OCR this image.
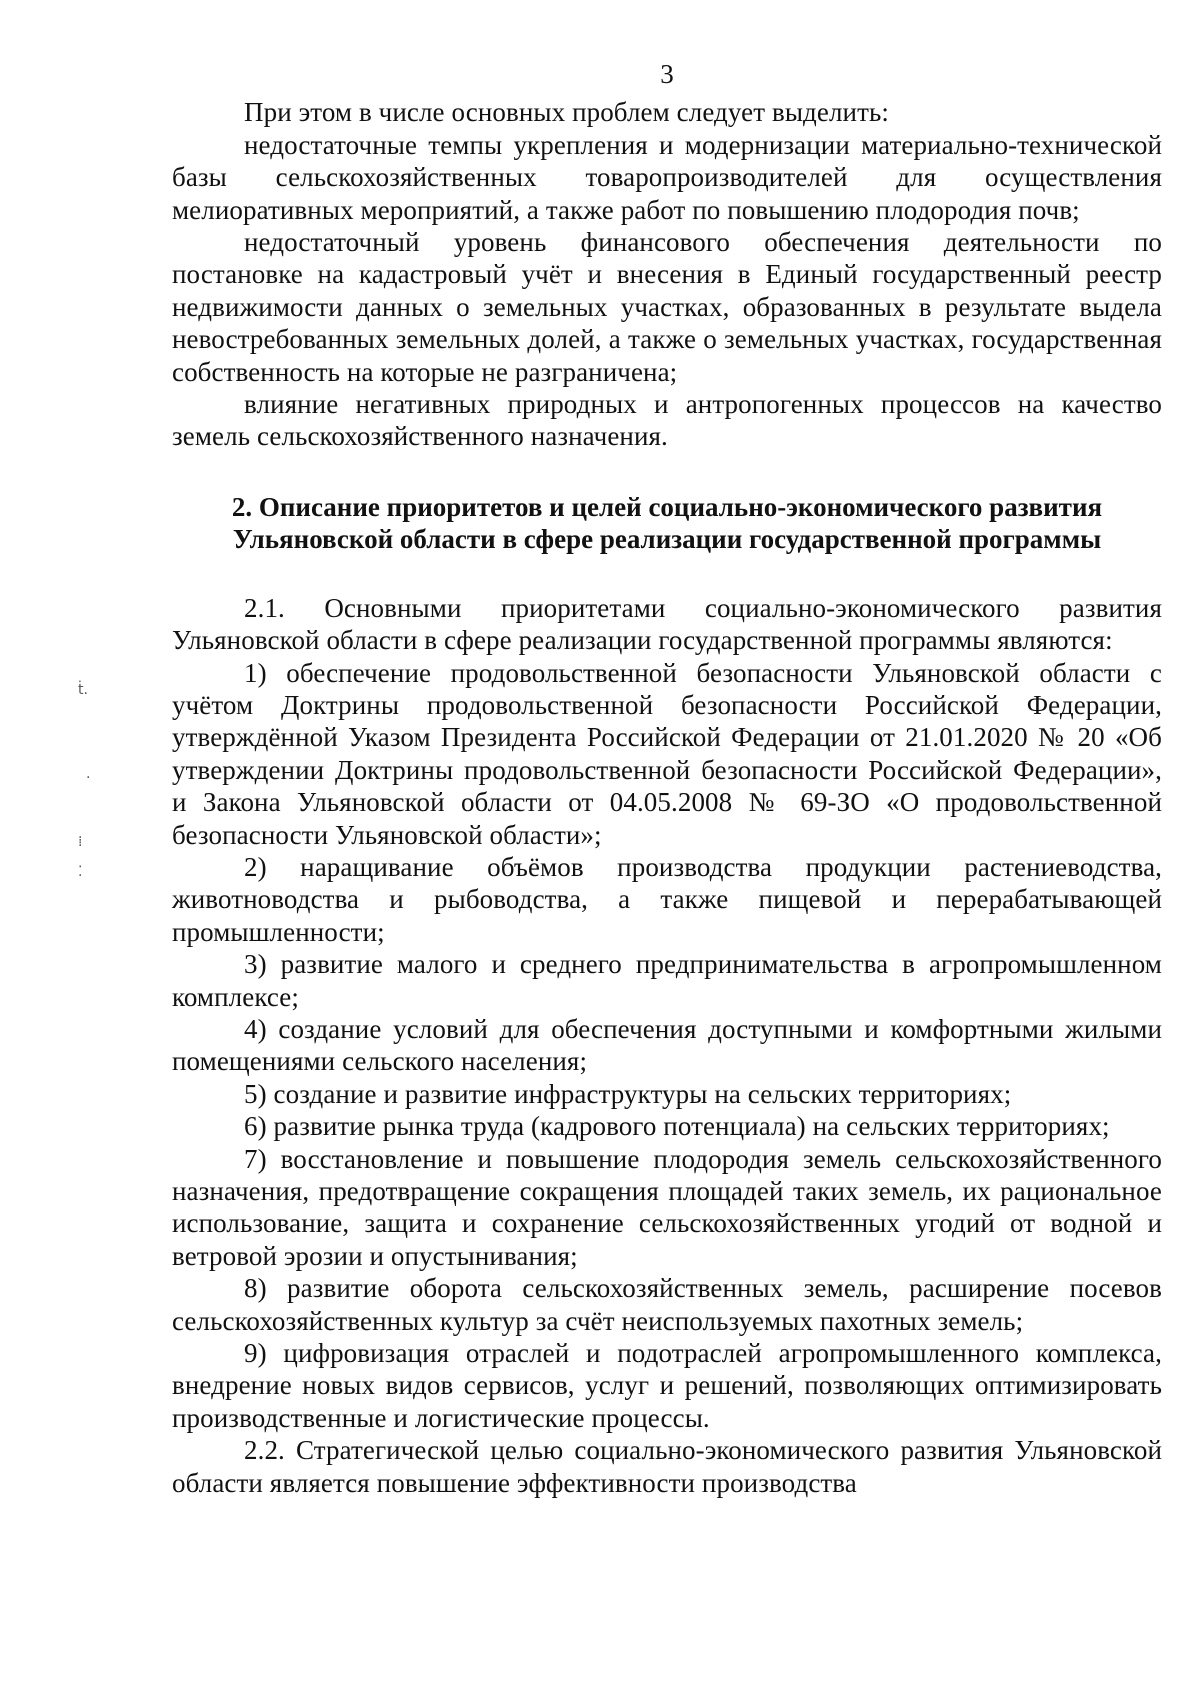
3

При этом в числе основных проблем следует выделить:

недостаточные темпы укрепления и модернизации материально-технической базы сельскохозяйственных товаропроизводителей для осуществления мелиоративных мероприятий, а также работ по повышению плодородия почв;

недостаточный уровень финансового обеспечения деятельности по постановке на кадастровый учёт и внесения в Единый государственный реестр недвижимости данных о земельных участках, образованных в результате выдела невостребованных земельных долей, а также о земельных участках, государственная собственность на которые не разграничена;

влияние негативных природных и антропогенных процессов на качество земель сельскохозяйственного назначения.

2. Описание приоритетов и целей социально-экономического развития Ульяновской области в сфере реализации государственной программы

2.1. Основными приоритетами социально-экономического развития Ульяновской области в сфере реализации государственной программы являются:

1) обеспечение продовольственной безопасности Ульяновской области с учётом Доктрины продовольственной безопасности Российской Федерации, утверждённой Указом Президента Российской Федерации от 21.01.2020 № 20 «Об утверждении Доктрины продовольственной безопасности Российской Федерации», и Закона Ульяновской области от 04.05.2008 № 69-ЗО «О продовольственной безопасности Ульяновской области»;

2) наращивание объёмов производства продукции растениеводства, животноводства и рыбоводства, а также пищевой и перерабатывающей промышленности;

3) развитие малого и среднего предпринимательства в агропромышленном комплексе;

4) создание условий для обеспечения доступными и комфортными жилыми помещениями сельского населения;

5) создание и развитие инфраструктуры на сельских территориях;

6) развитие рынка труда (кадрового потенциала) на сельских территориях;

7) восстановление и повышение плодородия земель сельскохозяйственного назначения, предотвращение сокращения площадей таких земель, их рациональное использование, защита и сохранение сельскохозяйственных угодий от водной и ветровой эрозии и опустынивания;

8) развитие оборота сельскохозяйственных земель, расширение посевов сельскохозяйственных культур за счёт неиспользуемых пахотных земель;

9) цифровизация отраслей и подотраслей агропромышленного комплекса, внедрение новых видов сервисов, услуг и решений, позволяющих оптимизировать производственные и логистические процессы.

2.2. Стратегической целью социально-экономического развития Ульяновской области является повышение эффективности производства

ṫ.
·
⁞
⁚
